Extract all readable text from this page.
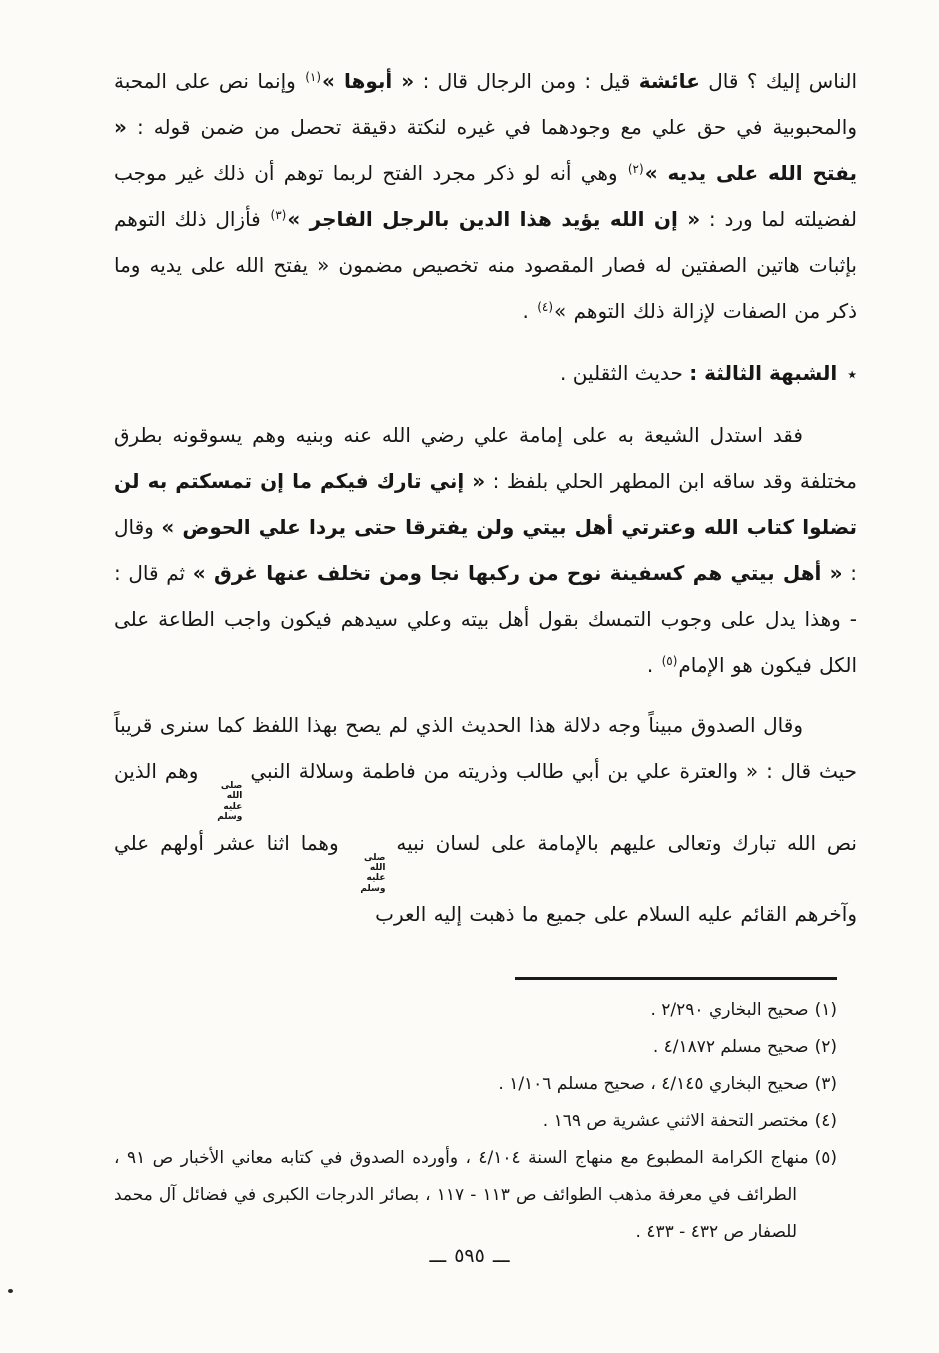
الناس إليك ؟ قال عائشة قيل : ومن الرجال قال : « أبوها »$^{(١)}$ وإنما نص على المحبة والمحبوبية في حق علي مع وجودهما في غيره لنكتة دقيقة تحصل من ضمن قوله : « يفتح الله على يديه »$^{(٢)}$ وهي أنه لو ذكر مجرد الفتح لربما توهم أن ذلك غير موجب لفضيلته لما ورد : « إن الله يؤيد هذا الدين بالرجل الفاجر »$^{(٣)}$ فأزال ذلك التوهم بإثبات هاتين الصفتين له فصار المقصود منه تخصيص مضمون « يفتح الله على يديه وما ذكر من الصفات لإزالة ذلك التوهم »$^{(٤)}$ .

٭الشبهة الثالثة : حديث الثقلين .

فقد استدل الشيعة به على إمامة علي رضي الله عنه وبنيه وهم يسوقونه بطرق مختلفة وقد ساقه ابن المطهر الحلي بلفظ : « إني تارك فيكم ما إن تمسكتم به لن تضلوا كتاب الله وعترتي أهل بيتي ولن يفترقا حتى يردا علي الحوض » وقال : « أهل بيتي هم كسفينة نوح من ركبها نجا ومن تخلف عنها غرق » ثم قال : - وهذا يدل على وجوب التمسك بقول أهل بيته وعلي سيدهم فيكون واجب الطاعة على الكل فيكون هو الإمام$^{(٥)}$ .

وقال الصدوق مبيناً وجه دلالة هذا الحديث الذي لم يصح بهذا اللفظ كما سنرى قريباً حيث قال : « والعترة علي بن أبي طالب وذريته من فاطمة وسلالة النبي
صلى الله
عليه وسلم
وهم الذين نص الله تبارك وتعالى عليهم بالإمامة على لسان نبيه
صلى الله
عليه وسلم
وهما اثنا عشر أولهم علي وآخرهم القائم عليه السلام على جميع ما ذهبت إليه العرب

(١)صحيح البخاري ٢/٢٩٠ .

(٢)صحيح مسلم ٤/١٨٧٢ .

(٣)صحيح البخاري ٤/١٤٥ ، صحيح مسلم ١/١٠٦ .

(٤)مختصر التحفة الاثني عشرية ص ١٦٩ .

(٥)منهاج الكرامة المطبوع مع منهاج السنة ٤/١٠٤ ، وأورده الصدوق في كتابه معاني الأخبار ص ٩١ ، الطرائف في معرفة مذهب الطوائف ص ١١٣ - ١١٧ ، بصائر الدرجات الكبرى في فضائل آل محمد للصفار ص ٤٣٢ - ٤٣٣ .

ـــ٥٩٥ـــ
